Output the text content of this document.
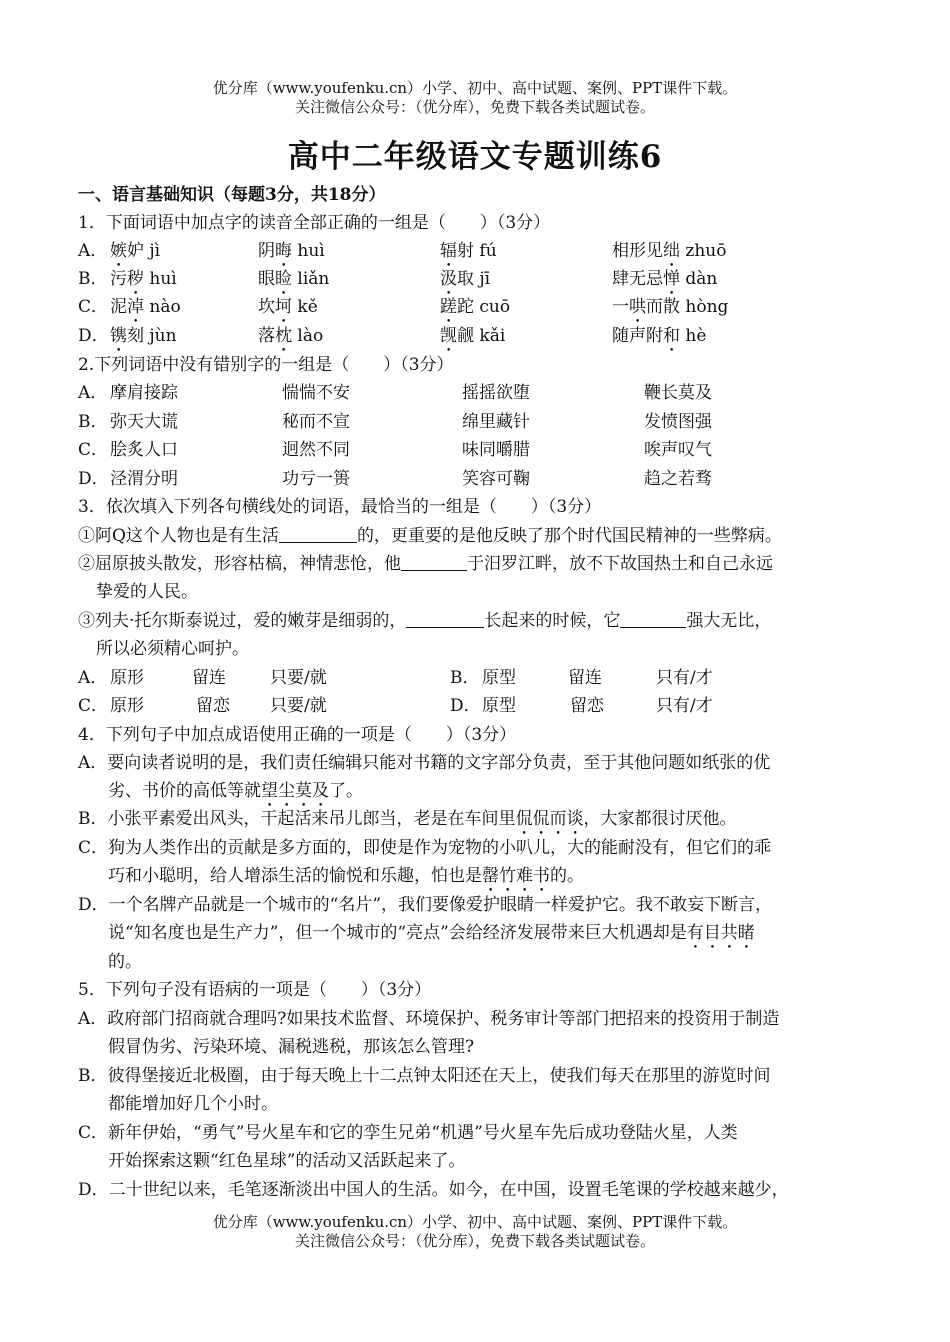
优分库（www.youfenku.cn）小学、初中、高中试题、案例、PPT课件下载。
关注微信公众号：（优分库），免费下载各类试题试卷。
高中二年级语文专题训练6
一、语言基础知识（每题3分，共18分）
1．下面词语中加点字的读音全部正确的一组是（　　）（3分）
A． 嫉妒 jì	阴晦 huì	辐射 fú	相形见绌 zhuō
B． 污秽 huì	眼睑 liǎn	汲取 jī	肆无忌惮 dàn
C． 泥淖 nào	坎坷 kě	蹉跎 cuō	一哄而散 hòng
D． 镌刻 jùn	落枕 lào	觊觎 kǎi	随声附和 hè
2.下列词语中没有错别字的一组是（　　）（3分）
A． 摩肩接踪	惴惴不安	摇摇欲堕	鞭长莫及
B． 弥天大谎	秘而不宣	绵里藏针	发愤图强
C． 脍炙人口	迥然不同	味同嚼腊	唉声叹气
D． 泾渭分明	功亏一篑	笑容可鞠	趋之若骛
3．依次填入下列各句横线处的词语，最恰当的一组是（　　）（3分）
①阿Q这个人物也是有生活	的，更重要的是他反映了那个时代国民精神的一些弊病。
②屈原披头散发，形容枯槁，神情悲怆，他	于汨罗江畔，放不下故国热土和自己永远
挚爱的人民。
③列夫·托尔斯泰说过，爱的嫩芽是细弱的，	长起来的时候，它	强大无比，
所以必须精心呵护。
A． 原形	留连	只要/就	B． 原型	留连	只有/才
C． 原形	留恋 只要/就	D． 原型	留恋	只有/才
4．下列句子中加点成语使用正确的一项是（　　）（3分）
A．要向读者说明的是，我们责任编辑只能对书籍的文字部分负责，至于其他问题如纸张的优
劣、书价的高低等就望尘莫及了。
B．小张平素爱出风头，干起活来吊儿郎当，老是在车间里侃侃而谈，大家都很讨厌他。
C．狗为人类作出的贡献是多方面的，即使是作为宠物的小叭儿，大的能耐没有，但它们的乖
巧和小聪明，给人增添生活的愉悦和乐趣，怕也是罄竹难书的。
D．一个名牌产品就是一个城市的“名片”，我们要像爱护眼睛一样爱护它。我不敢妄下断言，
说“知名度也是生产力”，但一个城市的“亮点”会给经济发展带来巨大机遇却是有目共睹
的。
5．下列句子没有语病的一项是（　　）（3分）
A．政府部门招商就合理吗?如果技术监督、环境保护、税务审计等部门把招来的投资用于制造
假冒伪劣、污染环境、漏税逃税，那该怎么管理?
B．彼得堡接近北极圈，由于每天晚上十二点钟太阳还在天上，使我们每天在那里的游览时间
都能增加好几个小时。
C．新年伊始，“勇气”号火星车和它的孪生兄弟“机遇”号火星车先后成功登陆火星，人类
开始探索这颗“红色星球”的活动又活跃起来了。
D．二十世纪以来，毛笔逐渐淡出中国人的生活。如今，在中国，设置毛笔课的学校越来越少，
优分库（www.youfenku.cn）小学、初中、高中试题、案例、PPT课件下载。
关注微信公众号：（优分库），免费下载各类试题试卷。
